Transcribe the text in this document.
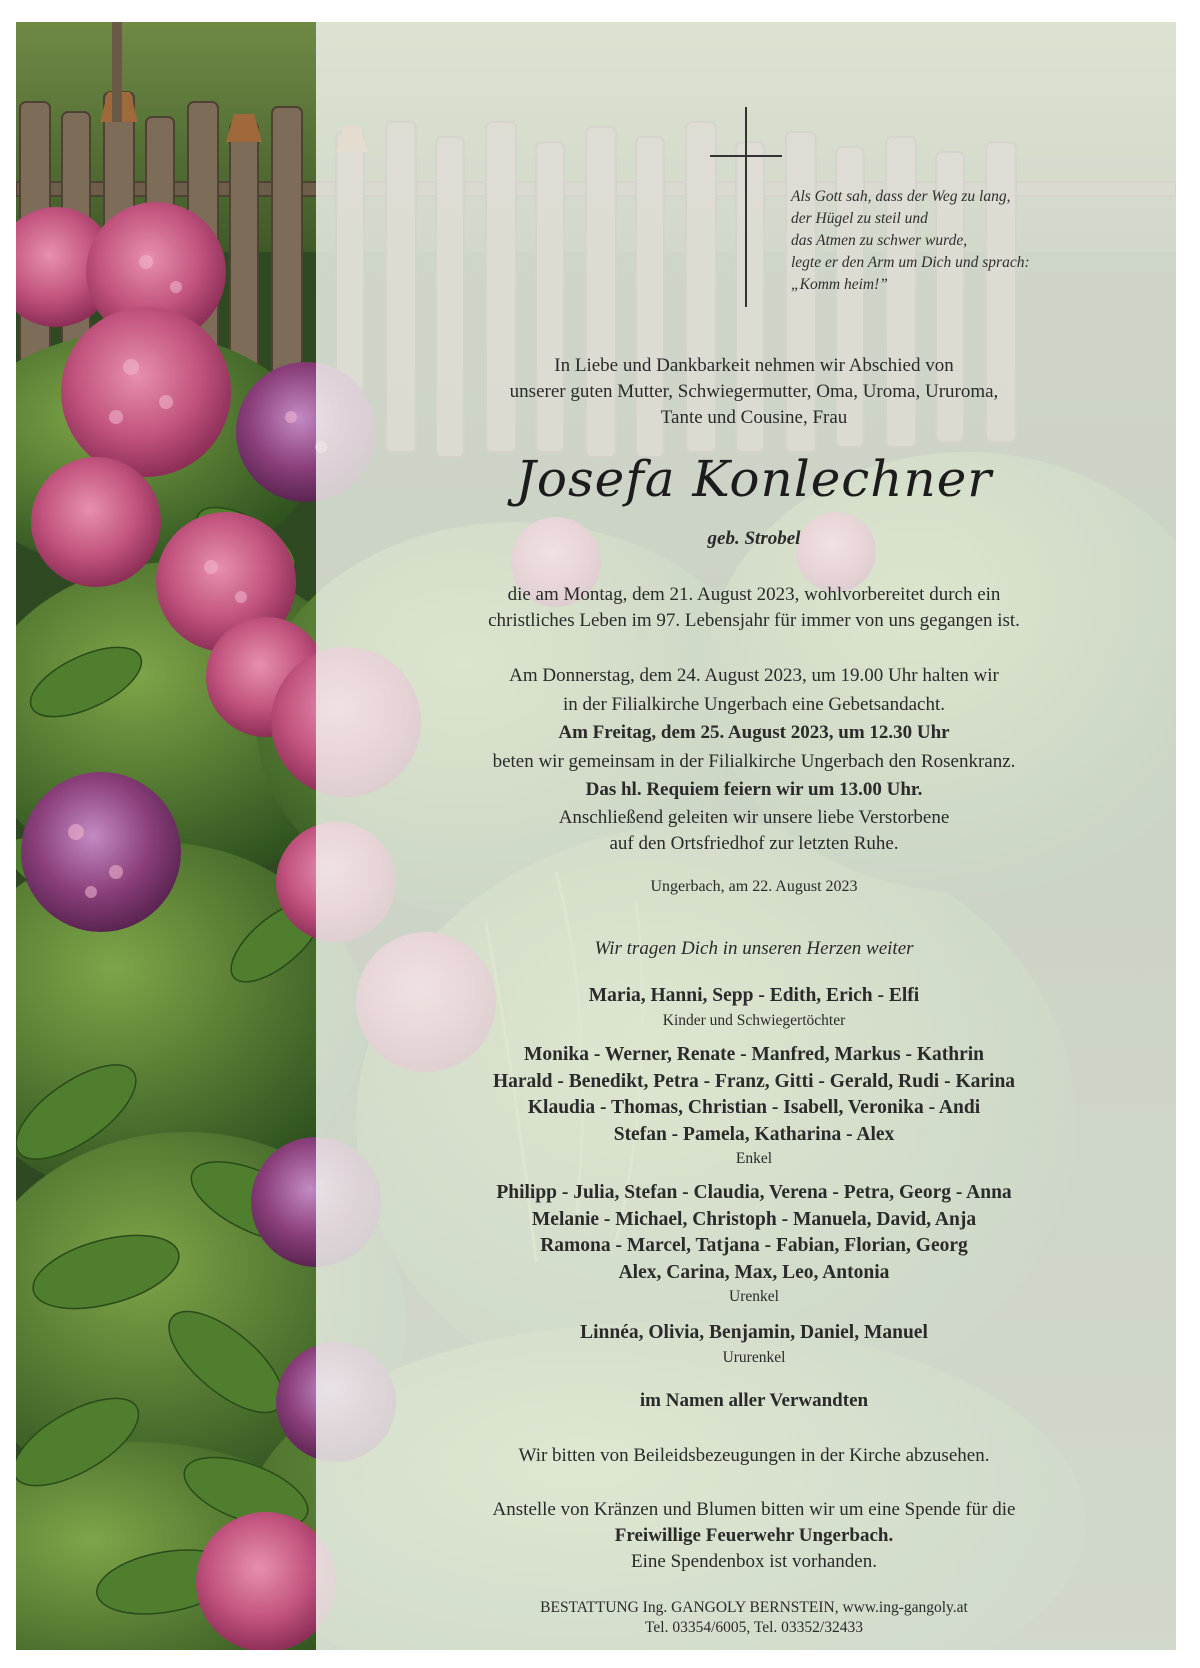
Als Gott sah, dass der Weg zu lang,
der Hügel zu steil und
das Atmen zu schwer wurde,
legte er den Arm um Dich und sprach:
„Komm heim!”
In Liebe und Dankbarkeit nehmen wir Abschied von
unserer guten Mutter, Schwiegermutter, Oma, Uroma, Ururoma,
Tante und Cousine, Frau
Josefa Konlechner
geb. Strobel
die am Montag, dem 21. August 2023, wohlvorbereitet durch ein
christliches Leben im 97. Lebensjahr für immer von uns gegangen ist.
Am Donnerstag, dem 24. August 2023, um 19.00 Uhr halten wir
in der Filialkirche Ungerbach eine Gebetsandacht.
Am Freitag, dem 25. August 2023, um 12.30 Uhr
beten wir gemeinsam in der Filialkirche Ungerbach den Rosenkranz.
Das hl. Requiem feiern wir um 13.00 Uhr.
Anschließend geleiten wir unsere liebe Verstorbene
auf den Ortsfriedhof zur letzten Ruhe.
Ungerbach, am 22. August 2023
Wir tragen Dich in unseren Herzen weiter
Maria, Hanni, Sepp - Edith, Erich - Elfi
Kinder und Schwiegertöchter
Monika - Werner, Renate - Manfred, Markus - Kathrin
Harald - Benedikt, Petra - Franz, Gitti - Gerald, Rudi - Karina
Klaudia - Thomas, Christian - Isabell, Veronika - Andi
Stefan - Pamela, Katharina - Alex
Enkel
Philipp - Julia, Stefan - Claudia, Verena - Petra, Georg - Anna
Melanie - Michael, Christoph - Manuela, David, Anja
Ramona - Marcel, Tatjana - Fabian, Florian, Georg
Alex, Carina, Max, Leo, Antonia
Urenkel
Linnéa, Olivia, Benjamin, Daniel, Manuel
Ururenkel
im Namen aller Verwandten
Wir bitten von Beileidsbezeugungen in der Kirche abzusehen.
Anstelle von Kränzen und Blumen bitten wir um eine Spende für die
Freiwillige Feuerwehr Ungerbach.
Eine Spendenbox ist vorhanden.
BESTATTUNG Ing. GANGOLY BERNSTEIN, www.ing-gangoly.at
Tel. 03354/6005, Tel. 03352/32433
